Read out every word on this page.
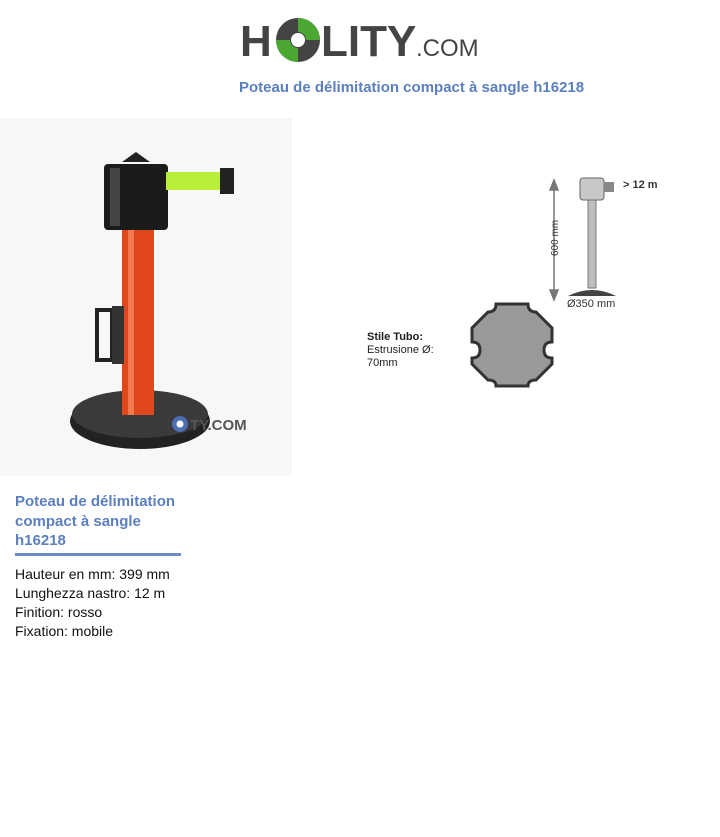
H LITY .COM
Poteau de délimitation compact à sangle h16218
TY.COM
> 12 m
600 mm
Ø350 mm
Stile Tubo:
Estrusione Ø:
70mm
Poteau de délimitation compact à sangle h16218
Hauteur en mm: 399 mm
Lunghezza nastro: 12 m
Finition: rosso
Fixation: mobile
